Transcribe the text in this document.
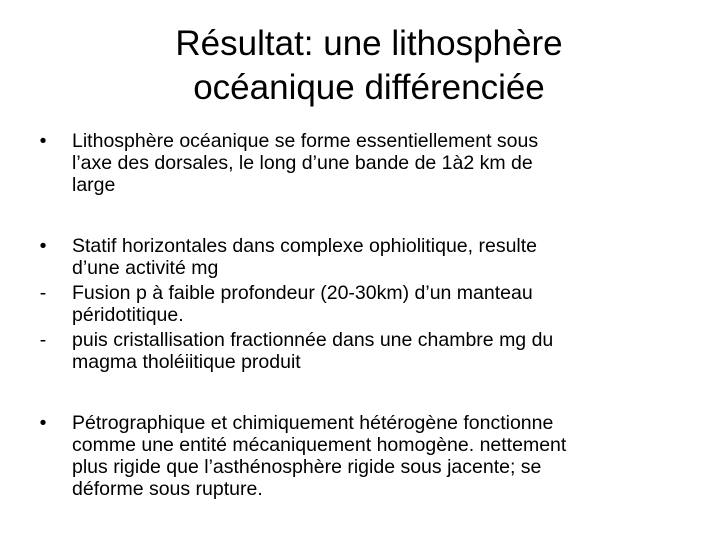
Résultat: une lithosphère
océanique différenciée
•	Lithosphère océanique se forme essentiellement sous
l’axe des dorsales, le long d’une bande de 1à2 km de
large
•	Statif horizontales dans complexe ophiolitique, resulte
d’une activité mg
-	Fusion p à faible profondeur (20-30km) d’un manteau
péridotitique.
-	puis cristallisation fractionnée dans une chambre mg du
magma tholéiitique produit
•	Pétrographique et chimiquement hétérogène fonctionne
comme une entité mécaniquement homogène. nettement
plus rigide que l’asthénosphère rigide sous jacente; se
déforme sous rupture.
